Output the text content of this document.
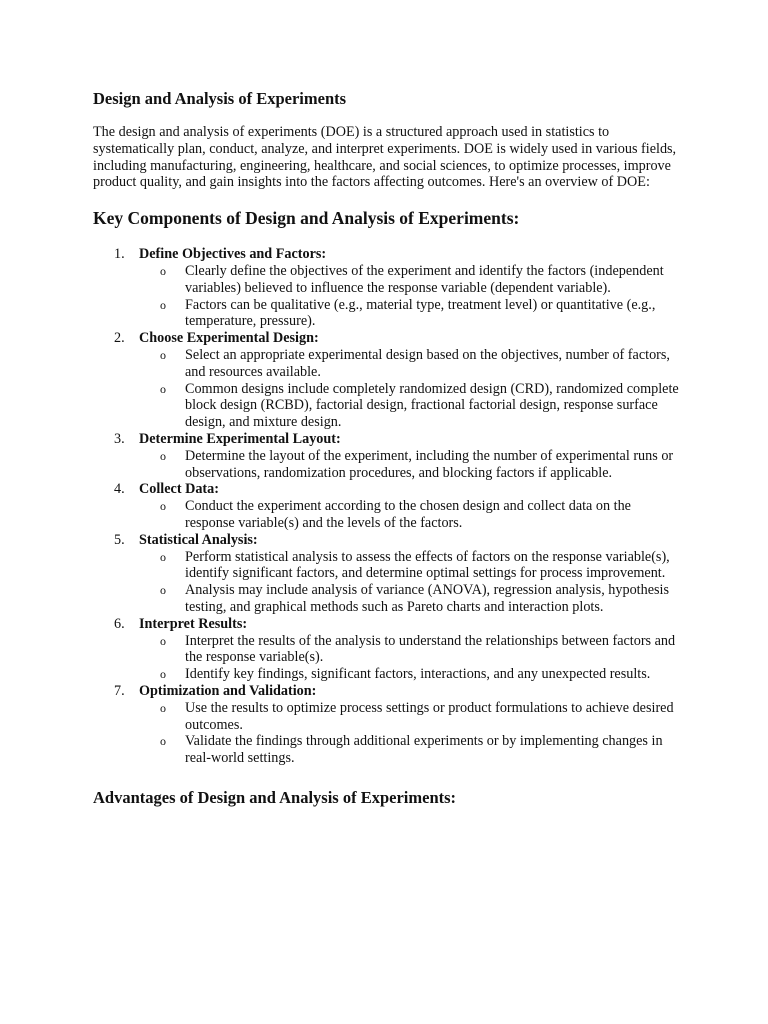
Design and Analysis of Experiments

The design and analysis of experiments (DOE) is a structured approach used in statistics to systematically plan, conduct, analyze, and interpret experiments. DOE is widely used in various fields, including manufacturing, engineering, healthcare, and social sciences, to optimize processes, improve product quality, and gain insights into the factors affecting outcomes. Here's an overview of DOE:

Key Components of Design and Analysis of Experiments:
1. Define Objectives and Factors:
o Clearly define the objectives of the experiment and identify the factors (independent variables) believed to influence the response variable (dependent variable).
o Factors can be qualitative (e.g., material type, treatment level) or quantitative (e.g., temperature, pressure).
2. Choose Experimental Design:
o Select an appropriate experimental design based on the objectives, number of factors, and resources available.
o Common designs include completely randomized design (CRD), randomized complete block design (RCBD), factorial design, fractional factorial design, response surface design, and mixture design.
3. Determine Experimental Layout:
o Determine the layout of the experiment, including the number of experimental runs or observations, randomization procedures, and blocking factors if applicable.
4. Collect Data:
o Conduct the experiment according to the chosen design and collect data on the response variable(s) and the levels of the factors.
5. Statistical Analysis:
o Perform statistical analysis to assess the effects of factors on the response variable(s), identify significant factors, and determine optimal settings for process improvement.
o Analysis may include analysis of variance (ANOVA), regression analysis, hypothesis testing, and graphical methods such as Pareto charts and interaction plots.
6. Interpret Results:
o Interpret the results of the analysis to understand the relationships between factors and the response variable(s).
o Identify key findings, significant factors, interactions, and any unexpected results.
7. Optimization and Validation:
o Use the results to optimize process settings or product formulations to achieve desired outcomes.
o Validate the findings through additional experiments or by implementing changes in real-world settings.
Advantages of Design and Analysis of Experiments:
